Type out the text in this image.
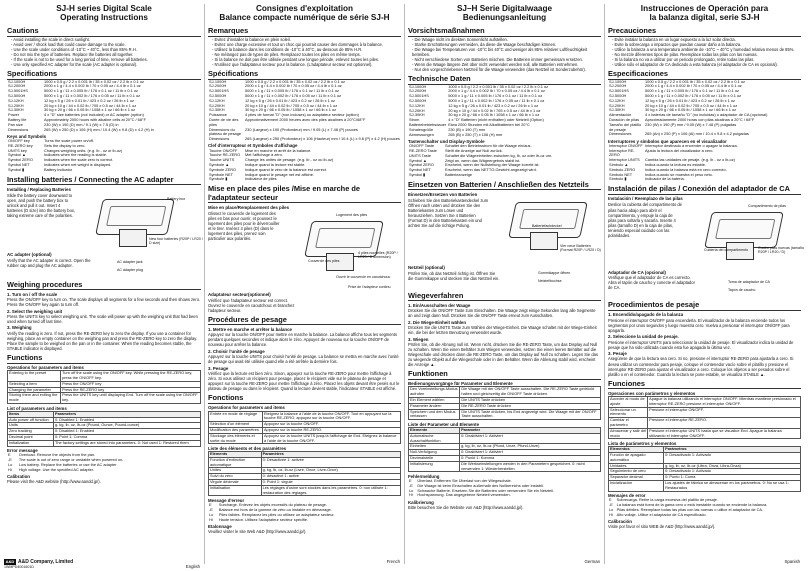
SJ-H series Digital Scale
Operating Instructions
Cautions
- Avoid installing the scale in direct sunlight.
- Avoid over / shock load that could cause damage to the scale.
- Use the scale under conditions of -10°C ~ 40°C, less than 85% R.H.
- Do not mix the type of batteries. Replace the batteries all together.
- If the scale is not to be used for a long period of time, remove all batteries.
- Use only specified AC adapter for the scale (AC adapter is optional).
Specifications
SJ-1000H	1000 x 0.5 g / 2.2 x 0.001 lb / 35 x 0.02 oz / 2.2 lb x 0.1 oz
SJ-2000H	2000 x 1 g / 4.4 x 0.002 lb / 70 x 0.05 oz / 4.4 lb x 0.1 oz
SJ-5001HS	5000 x 1 g / 11 x 0.005 lb / 176 x 0.1 oz / 11 lb x 0.1 oz
SJ-5000H	5000 x 1 g / 11 x 0.002 lb / 176 x 0.05 oz / 11 lb x 0.1 oz
SJ-12KH	12 kg x 5 g / 26 x 0.01 lb / 423 x 0.2 oz / 26 lb x 1 oz
SJ-20KH	20 kg x 10 g / 44 x 0.02 lb / 705 x 0.5 oz / 44 lb x 1 oz
SJ-30KH	30 kg x 20 g / 66 x 0.05 lb / 1058 x 1 oz / 66 lb x 1 oz
Power	4 x "D" size batteries (not included) or AC adapter (option)
Battery life	Approximately 2000 hours with alkaline cells at 20°C / 68°F
Pan size	230 (W) x 190 (D) mm / 9.1 (W) x 7.5 (D) in
Dimensions	265 (W) x 250 (D) x 106 (H) mm / 10.4 (W) x 9.8 (D) x 4.2 (H) in
Keys and Symbols
ON/OFF key	Turns the scale power on/off.
RE-ZERO key	Sets the display to zero.
UNITS key	Changes weighing units. (e.g. lb - oz or lb-oz)
Symbol ▲	Indicates when the reading is stable.
Symbol ZERO	Indicates when the scale zero is correct.
Symbol NET	Indicates when net weight is displayed.
Symbol ▮	Battery indicator
Installing batteries / Connecting the AC adapter
Installing / Replacing Batteries

Slide the battery cover downward to open, and push the battery box to unlock and pull it out. Insert 4 batteries (D size) into the battery box, taking extreme care of the polarities.

Battery box
New four batteries (R20P / LR20 / D size)
AC adapter (optional)

Verify that the AC adapter is correct. Open the rubber cap and plug the AC adapter.

AC adapter jack
AC adapter plug
Weighing procedures
1. Turn on / off the scale

Press the ON/OFF key to turn on. The scale displays all segments for a few seconds and then shows zero. Press the ON/OFF key again to turn off.

2. Select the weighing unit

Press the UNITS key to select weighing unit. The scale will power up with the weighing unit that had been used when turned off last time.

3. Weighing

Verify the reading is zero. If not, press the RE-ZERO key to zero the display. If you use a container for weighing, place an empty container on the weighing pan and press the RE-ZERO key to zero the display. Place the sample to be weighed on the pan or in the container. When the reading becomes stable, the STABLE indicator is displayed.

Functions
Operations for parameters and items
Entering to the preset	Turn off the scale using the ON/OFF key. While pressing the RE-ZERO key, press the ON/OFF key.
Selecting a item	Press the ON/OFF key
Changing the parameter	Press the RE-ZERO key
Storing them and exiting the mode	Press the UNITS key until displaying End. Turn off the scale using the ON/OFF key.
List of parameters and items
Items	Parameters
Auto power off function	0: Disabled 1: Enabled
Units	g, kg, lb, oz, lb-oz (Pound, Ounce, Pound-ounce)
Zero tracking	0: Disabled 1: Enabled
Decimal point	0: Point 1: Comma
Initialization	The factory settings are stored into parameters. 0: Not used 1: Restored them
Error message
E	Overload. Remove the objects from the pan.
-E	The scale is out of zero range or unstable when powered on.
Lo	Low battery. Replace the batteries or use the AC adapter
Hi	High voltage. Use the specified AC adapter.
Calibration

Please visit the A&D website (http://www.aandd.jp/).

Consignes d'exploitation
Balance compacte numérique de série SJ-H
Remarques
- Evitez d'installer la balance en plein soleil.
- Evitez une charge excessive et tout un choc qui pourrait causer des dommages à la balance.
- Utilisez la balance dans les conditions de -10°C à 40°C, au-dessous de 85% H.R.
- Ne mélangez pas de types de piles. Remplacez toutes les piles en même temps.
- Si la balance ne doit pas être utilisée pendant une longue période, enlevez toutes les piles.
- N'utilisez que l'adaptateur secteur pour la balance. (L'adaptateur secteur est optionnel).
Spécifications
SJ-1000H	1000 x 0.5 g / 2.2 x 0.001 lb / 35 x 0.02 oz / 2.2 lb x 0.1 oz
SJ-2000H	2000 x 1 g / 4.4 x 0.002 lb / 70 x 0.05 oz / 4.4 lb x 0.1 oz
SJ-5001HS	5000 x 1 g / 11 x 0.005 lb / 176 x 0.1 oz / 11 lb x 0.1 oz
SJ-5000H	5000 x 1 g / 11 x 0.002 lb / 176 x 0.05 oz / 11 lb x 0.1 oz
SJ-12KH	12 kg x 5 g / 26 x 0.01 lb / 423 x 0.2 oz / 26 lb x 1 oz
SJ-20KH	20 kg x 10 g / 44 x 0.02 lb / 705 x 0.5 oz / 44 lb x 1 oz
SJ-30KH	30 kg x 20 g / 66 x 0.05 lb / 1058 x 1 oz / 66 lb x 1 oz
Puissance	4 piles de format "D" (non incluses) ou adaptateur secteur (option)
Durée de vie des piles	Approximativement 2000 heures avec des piles alcalines à 20°C/68°F
Dimensions du plateau de pesage	230 (Largeur) x 190 (Profondeur) mm / 9.05 (L) x 7.48 (P) pouces
Dimensions	265 (Largeur) x 250 (Profondeur) x 106 (Hauteur) mm / 10.4 (L) x 9.8 (P) x 4.2 (H) pouces
Clef d'interrupteur et Symboles d'affichage
Touche ON/OFF	Mise en marche et arrêt de la balance.
Touche RE-ZERO	Met l'affichage à zéro.
Touche UNITS	Change les unités de pesage. (e.g. lb - oz ou lb-oz)
Symbole ▲	Indique quand la lecture est stable.
Symbole ZERO	Indique quand le zéro de la balance est correct.
Symbole NET	Indique quand le pesage net est affiché.
Symbole ▮	Indicateur de piles
Mise en place des piles /Mise en marche de l'adaptateur secteur
Mise en place/Remplacement des piles

Glissez le couvercle de logement des piles en bas pour ouvrir, et poussez le logement des piles pour le déverrouiller et le tirer. Insérez 4 piles (D) dans le logement des piles, prenez soin particulier aux polarités.

Logement des piles
Couvercle des piles
4 piles nouvelles (R20P / LR20 / D dimension)
Ouvrir le couvercle en caoutchouc
Prise de l'adapteur continu
Adaptateur secteur(optionnel)

Vérifiez que l'adaptateur secteur est correct. Ouvrez le couvercle en caoutchouc et branchez l'adapteur secteur.

Procédures de pesage
1. Mettre en marche et arrêter la balance

Appuyez sur la touche ON/OFF pour mettre en marche la balance. La balance affiche tous les segments pendant quelques secondes et indique alors le zéro. Appuyez de nouveau sur la touche ON/OFF de nouveau pour arrêter la balance.

2. Choisir l'unité de pesage

Appuyez sur la touche UNITS pour choisir l'unité de pesage. La balance se mettra en marche avec l'unité de pesage qui avait été utilisée quand elle a été arrêtée la dernière fois.

3. Pesage

Vérifiez que la lecture est bien zéro. Sinon, appuyez sur la touche RE-ZERO pour mettre l'affichage à zéro. Si vous utilisez un récipient pour pesage, placez le récipient vide sur le plateau de pesage et appuyez sur la touche RE-ZERO pour mettre l'affichage à zéro. Placez les objets devant être pesés sur le plateau de pesage ou dans le récipient. Quand la lecture devient stable, l'indicateur STABLE est affiché.

Fonctions
Operations for parameters and items
Entrée en mode de réglage	Eteignez la balance à l'aide de la touche ON/OFF. Tout en appuyant sur la touche RE-ZERO, appuyez sur la touche ON/OFF.
Sélection d'un élément	Appuyez sur la touche ON/OFF.
Modification des paramètres	Appuyez sur la touche RE-ZERO.
Stockage des éléments et sortie du mode	Appuyez sur la touche UNITS jusqu'à l'affichage de End. Eteignez la balance à l'aide de la touche ON/OFF.
Liste des éléments et des paramètres
Eléments	Paramètres
Fonction d'extinction automatique	0: Désactivée 1: activée
Unites	g, kg, lb, oz, lb-oz (Livre, Once, Livre-Once)
Suivi du zéro	0: désactivé 1: activé
Virgule décimale	0: Point 1: virgule
Initialisation	Les réglages d'usine sont stockés dans les paramètres. 0: non utilisée 1: restauration des réglages
Message d'erreur
E	Surcharge. Enlevez les objets excessifs du plateau de pesage.
-E	Balance est hors de la gamme de zéro ou instable en démarrage.
Lo	Piles faibles. Remplacez les piles ou utilisez un adaptateur secteur.
Hi	Haute tension. Utilisez l'adaptateur secteur spécifié.
Etalonnage

Veuillez visiter le site Web A&D (http://www.aandd.jp/).

SJ–H Serie Digitalwaage
Bedienungsanleitung
Vorsichtsmaßnahmen
- Die Waage nicht im direkten Sonnenlicht aufstellen.
- Starke Erschütterungen vermeiden, da diese die Waage beschädigen können.
- Die Waage bei Temperaturen von -10°C bis 40°C und weniger als 85% relativer Luftfeuchtigkeit betreiben.
- Nicht verschiedene Sorten von Batterien mischen. Die Batterien immer gemeinsam ersetzen.
- Wenn die Waage längere Zeit über nicht verwendet werden soll, alle Batterien entnehmen.
- Nur den vorgeschriebenen Netzteil für die Waage verwenden (das Netzteil ist Sonderzubehör).
Technische Daten
SJ-1000H	1000 x 0.5 g / 2.2 x 0.001 lb / 35 x 0.02 oz / 2.2 lb x 0.1 oz
SJ-2000H	2000 x 1 g / 4.4 x 0.002 lb / 70 x 0.05 oz / 4.4 lb x 0.1 oz
SJ-5001HS	5000 x 1 g / 11 x 0.005 lb / 176 x 0.1 oz / 11 lb x 0.1 oz
SJ-5000H	5000 x 1 g / 11 x 0.002 lb / 176 x 0.05 oz / 11 lb x 0.1 oz
SJ-12KH	12 kg x 5 g / 26 x 0.01 lb / 423 x 0.2 oz / 26 lb x 1 oz
SJ-20KH	20 kg x 10 g / 44 x 0.02 lb / 705 x 0.5 oz / 44 lb x 1 oz
SJ-30KH	30 kg x 20 g / 66 x 0.05 lb / 1058 x 1 oz / 66 lb x 1 oz
Strom	4 x "D" Batterien (nicht enthalten) oder Netzteil (Option)
Batteriebetriebsdauer	Etwa 2000 Stunden mit Alkalibatterien bei 20°C
Schalengröße	230 (B) x 190 (T) mm
Abmessungen	265 (B) x 250 (T) x 106 (H) mm
Tastenschalter und Display-Symbole
ON/OFF Taste	Schaltet den Betriebsstrom für die Waage ein/aus.
RE-ZERO Taste	Stellt die Anzeige auf Null zurück.
UNITS Taste	Schaltet die Wägeeinheiten zwischen kg, lb, oz oder lb-oz um.
Symbol ▲	Zeigt an, wenn das Wägeergebnis stabil ist.
Symbol ZERO	Erscheint, wenn der Nullstellung der Waage korrekt ist.
Symbol NET	Erscheint, wenn das NETTO-Gewicht angezeigt wird.
Symbol ▮	Batterieanzeige
Einsetzen von Batterien / Anschließen des Netzteils
Einsetzen/Ersetzen von Batterien

Schieben Sie den Batteriekastendeckel zum Öffnen nach unten und drücken Sie den Batteriekasten zum Lösen und herausziehen. Setzen Sie 4 Batterien (Format D) in den Batteriekasten ein und achten Sie auf die richtige Polung.	Batteriefachdeckel
Vier neue Batterien (Format R20P / LR20 / D)
Netzteil (optional)

Prüfen Sie, ob das Netzteil richtig ist. Öffnen Sie die Gummikappe und stecken Sie das Netzteil ein.

Gummikappe öffnen
Netzteilbuchse
Wiegeverfahren
1. Ein/Ausschalten der Waage

Drücken Sie die ON/OFF Taste zum Einschalten. Die Waage zeigt einige Sekunden lang alle Segmente an und zeigt dann Null. Drücken Sie die ON/OFF Taste erneut zum Ausschalten.

2. Die Wiege-Einheit wählen

Drücken Sie die UNITS Taste zum Wählen der Wiege-Einheit. Die Waage schaltet mit der Wiege-Einheit ein, die bei der letzten Benutzung verwendet wurde.

3. Wiegen

Prüfen Sie, ob die Abnung null ist. Wenn nicht, drücken Sie die RE-ZERO Taste, um das Display auf Null zu schalten. Wenn Sie einen Behälter zum Wiegen verwenden, setzen Sie einen leeren Behälter auf die Wiegeschale und drücken dann die RE-ZERO Taste, um das Display auf Null zu schalten. Legen Sie das zu wiegende Objekt auf die Wiegeschale oder in den Behälter. Wenn die Ablesung stabil wird, erscheint die Anzeige ▲.

Funktionen
Bedienungsvorgänge für Parameter und Elemente
Den Voreinstellungs-Modus aufrufen	Die Waage mit der ON/OFF Taste ausschalten. Die RE-ZERO Taste gedrückt halten und gleichzeitig die ON/OFF Taste drücken.
Ein Element wählen	Die UNITS Taste drücken
Parameter ändern	Die RE-ZERO Taste drücken
Speichern und den Modus verlassen	Die UNITS Taste drücken, bis End angezeigt wird. Die Waage mit der ON/OFF Taste ausschalten.
Liste der Parameter und Elemente
Elemente	Parameter
Automatische Ausschaltfunktion	0: Deaktiviert 1: Aktiviert
Einheiten	g, kg, lb, oz, lb-oz (Pfund, Unze, Pfund-Unze)
Null-Verfolgung	0: Deaktiviert 1: Aktiviert
Dezimalstelle	0: Punkt 1: Komma
Initialisierung	Die Werkseinstellungen werden in den Parametern gespeichert. 0: nicht verwenden 1: Wiederherstellen
Fehlermeldung
E	Überlast. Entfernen Sie Überlast von der Wiegeschale.
-E	Die Waage ist beim Einschalten außerhalb des Nullbereichs oder instabil.
Lo	Schwache Batterie. Ersetzen Sie die Batterien oder verwenden Sie ein Netzteil.
Hi	Hochspannung. Das angegebene Netzteil verwenden.
Kalibrierung

Bitte besuchen Sie die Website von A&D (http://www.aandd.jp/).

Instrucciones de Operación para
la balanza digital, serie SJ-H
Precauciones
- Evite instalar la balanza en un lugar expuesto a la luz solar directa.
- Evite la sobrecarga o impactos que puedan causar daño a la balanza.
- Utilice la balanza a una temperatura ambiente de -10°C ~ 40°C y humedad relativa menos de 85%.
- No mezcle diferentes tipos de pilas. Reemplace todas las pilas con las nuevas.
- Si la balanza no va a utilizar por un periodo prolongado, retire todas las pilas.
- Utilice sólo el adaptador de CA dedicado a esta balanza (el adaptador de CA es opcional).
Especificaciones
SJ-1000H	1000 x 0.5 g / 2.2 x 0.001 lb / 35 x 0.02 oz / 2.2 lb x 0.1 oz
SJ-2000H	2000 x 1 g / 4.4 x 0.002 lb / 70 x 0.05 oz / 4.4 lb x 0.1 oz
SJ-5001HS	5000 x 1 g / 11 x 0.005 lb / 176 x 0.1 oz / 11 lb x 0.1 oz
SJ-5000H	5000 x 1 g / 11 x 0.002 lb / 176 x 0.05 oz / 11 lb x 0.1 oz
SJ-12KH	12 kg x 5 g / 26 x 0.01 lb / 423 x 0.2 oz / 26 lb x 1 oz
SJ-20KH	20 kg x 10 g / 44 x 0.02 lb / 705 x 0.5 oz / 44 lb x 1 oz
SJ-30KH	30 kg x 20 g / 66 x 0.05 lb / 1058 x 1 oz / 66 lb x 1 oz
Alimentación	4 x baterías de tamaño "D" (no incluidas) o adaptador de CA (opcional)
Duración de pilas	Aproximadamente 2000 horas con pilas alcalinas a 20°C / 68°F
Tamaño del platillo de pesaje	230 (W) x 190 (P) mm / 9.05 (W) x 7.48 (P) pulgadas
Dimensiones	265 (An) x 250 (P) x 106 (Al) mm / 10.4 x 9.8 x 4.2 pulgadas
Interruptores y símbolos que aparecen en el visualizador
Interruptor ON/OFF	Interruptor destinado a encender o apagar la balanza.
Interruptor RE-ZERO	Ajusta la lectura del visualizador a cero.
Interruptor UNITS	Cambia las unidades de pesaje. (e.g. lb - oz o lb-oz)
Símbolo ▲	Indica cuando la lectura es estable.
Símbolo ZERO	Indica cuando la balanza está en cero correcto.
Símbolo NET	Indica cuando se muestra el peso neto.
Símbolo ▮	Indicador de la batería.
Instalación de pilas / Conexión del adaptador de CA
Instalación / Reemplazo de las pilas

Deslice la cubierta del compartimento de pilas hacia abajo para abrir el compartimento, y empuje la caja de pilas para soltarla y sacarla. Inserte 4 pilas (tamaño D) en la caja de pilas, teniendo especial cuidado con las polaridades.

Compartimento de pilas
Cubierta del compartimento	Cuatro pilas nuevas (tamaño R20P / LR20 / D)
Adaptador de CA (opcional)

Verifique que el adaptador de CA es correcto. Abra el tapón de caucho y conecte el adaptador de CA.

Toma de adaptador de CA
Tapón de caucho
Procedimientos de pesaje
1. Encendido/apagado de la balanza

Presione el interruptor ON/OFF para encenderla. El visualizador de la balanza enciende todos los segmentos por unos segundos y luego muestra cero. Vuelva a presionar el interruptor ON/OFF para apagarla.

2. Seleccione la unidad de pesaje.

Presione el interruptor UNITS para seleccionar la unidad de pesaje. El visualizador indica la unidad de pesaje que ha sido utilizada cuando esta fue apagada la última vez.

3. Pesaje

Asegúrese de que la lectura sea cero. Si no, presione el interruptor RE-ZERO para ajustarla a cero. Si desea utilizar un contenedor para pesaje, coloque el contenedor vacío sobre el platillo y presione el interruptor RE-ZERO para ajustar el visualizador a cero. Coloque los objetos a ser pesados sobre el platillo o en el contenedor. Cuando la lectura se pone estable, se visualiza STABLE ▲.

Funciones
Operaciones con parámetros y elementos
Acceder al modo de ajuste	Apague la balanza utilizando el interruptor ON/OFF. Mientras mantiene presionado el interruptor RE-ZERO presione el interruptor ON/OFF.
Seleccionar un elemento	Presione el interruptor ON/OFF.
Cambiar el parámetro	Presione el interruptor RE-ZERO.
Almacenar y salir del modo	Presione el interruptor UNITS hasta que se visualice End. Apague la balanza utilizando el interruptor ON/OFF.
Lista de parámetros y elementos
Elementos	Parámetros
Función de apagado automático	0: Desactivado 1: Activado
Unidades	g, kg, lb, oz, lb-oz (Libra, Onza, Libra-Onza)
Seguimiento de cero	0: Desactivado 1: Activado
Separador decimal	0: Punto 1: Coma
Inicialización	Los ajustes de fábrica se almacenan en los parámetros. 0: No se usa 1: Restaurados
Mensajes de error
E	Sobrecarga. Retire la carga excesiva del platillo de pesaje.
-E	La balanza está fuera de la gama cero o está inestable cuando se enciende la balanza.
Lo	Pilas débiles. Reemplace todas las pilas con las nuevas o utilice el adaptador de CA.
Hi	Alto voltaje. Utilice el adaptador de CA especificado.
Calibración

Visite por favor el sitio WEB de A&D (http://www.aandd.jp/).

A&D A&D Company, Limited
1WMPD4001601D	English
French	German	Spanish
